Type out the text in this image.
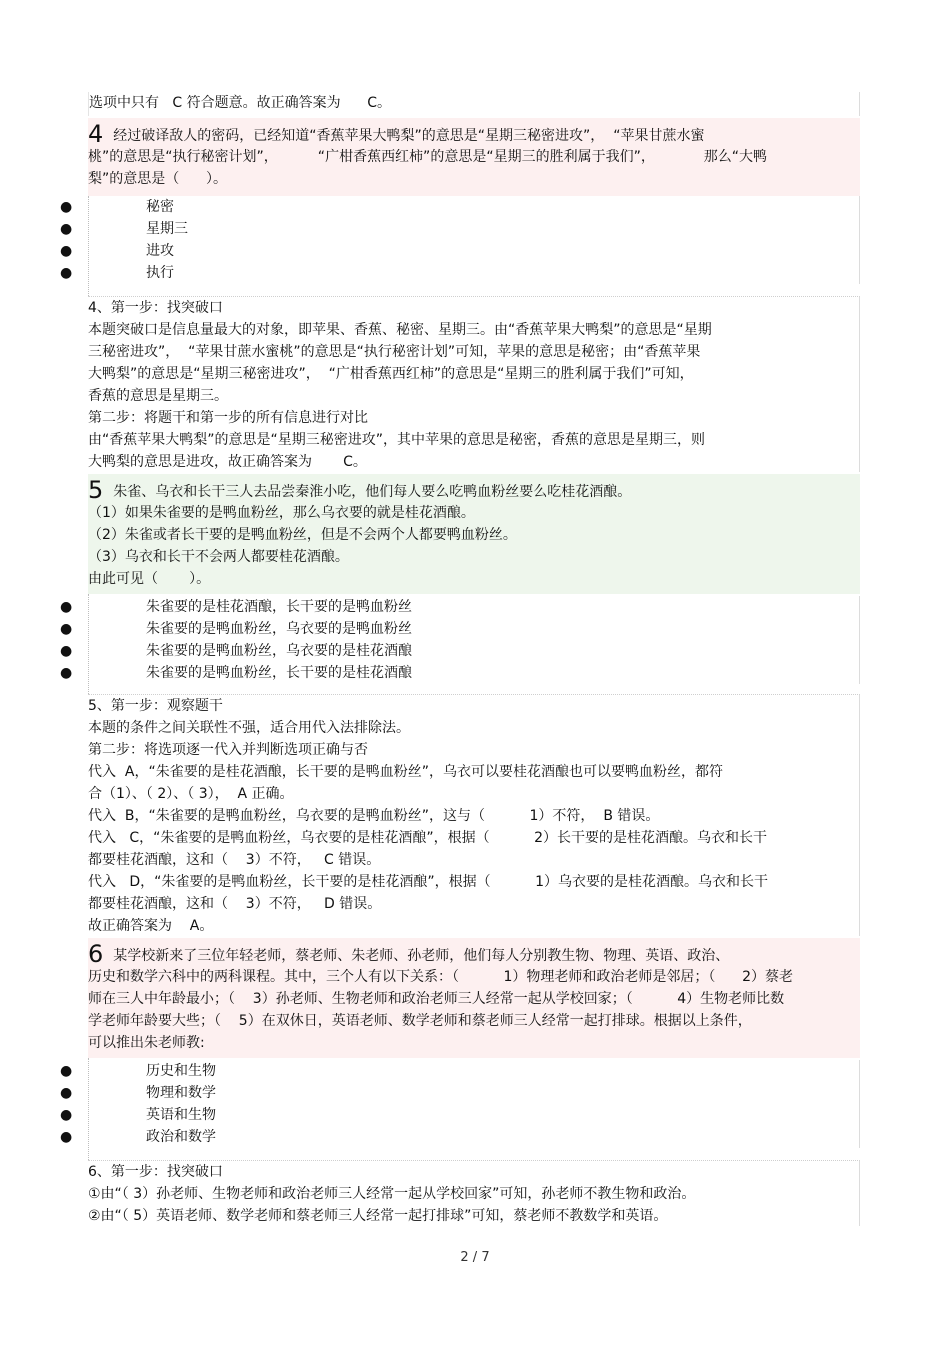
选项中只有   C 符合题意。故正确答案为      C。
4 经过破译敌人的密码，已经知道“香蕉苹果大鸭梨”的意思是“星期三秘密进攻”，  “苹果甘蔗水蜜
桃”的意思是“执行秘密计划”，         “广柑香蕉西红柿”的意思是“星期三的胜利属于我们”，           那么“大鸭
梨”的意思是（      ）。
●	秘密
●	星期三
●	进攻
●	执行
4、第一步：找突破口
本题突破口是信息量最大的对象，即苹果、香蕉、秘密、星期三。由“香蕉苹果大鸭梨”的意思是“星期
三秘密进攻”，  “苹果甘蔗水蜜桃”的意思是“执行秘密计划”可知，苹果的意思是秘密；由“香蕉苹果
大鸭梨”的意思是“星期三秘密进攻”，  “广柑香蕉西红柿”的意思是“星期三的胜利属于我们”可知，
香蕉的意思是星期三。
第二步：将题干和第一步的所有信息进行对比
由“香蕉苹果大鸭梨”的意思是“星期三秘密进攻”，其中苹果的意思是秘密，香蕉的意思是星期三，则
大鸭梨的意思是进攻，故正确答案为       C。
5 朱雀、乌衣和长干三人去品尝秦淮小吃，他们每人要么吃鸭血粉丝要么吃桂花酒酿。
（1）如果朱雀要的是鸭血粉丝，那么乌衣要的就是桂花酒酿。
（2）朱雀或者长干要的是鸭血粉丝，但是不会两个人都要鸭血粉丝。
（3）乌衣和长干不会两人都要桂花酒酿。
由此可见（       ）。
●	朱雀要的是桂花酒酿，长干要的是鸭血粉丝
●	朱雀要的是鸭血粉丝，乌衣要的是鸭血粉丝
●	朱雀要的是鸭血粉丝，乌衣要的是桂花酒酿
●	朱雀要的是鸭血粉丝，长干要的是桂花酒酿
5、第一步：观察题干
本题的条件之间关联性不强，适合用代入法排除法。
第二步：将选项逐一代入并判断选项正确与否
代入  A，“朱雀要的是桂花酒酿，长干要的是鸭血粉丝”，乌衣可以要桂花酒酿也可以要鸭血粉丝，都符
合（1）、（ 2）、（ 3），  A 正确。
代入  B，“朱雀要的是鸭血粉丝，乌衣要的是鸭血粉丝”，这与（          1）不符，  B 错误。
代入   C，“朱雀要的是鸭血粉丝，乌衣要的是桂花酒酿”，根据（          2）长干要的是桂花酒酿。乌衣和长干
都要桂花酒酿，这和（    3）不符，   C 错误。
代入   D，“朱雀要的是鸭血粉丝，长干要的是桂花酒酿”，根据（          1）乌衣要的是桂花酒酿。乌衣和长干
都要桂花酒酿，这和（    3）不符，   D 错误。
故正确答案为    A。
6 某学校新来了三位年轻老师，蔡老师、朱老师、孙老师，他们每人分别教生物、物理、英语、政治、
历史和数学六科中的两科课程。其中，三个人有以下关系：（          1）物理老师和政治老师是邻居；（      2）蔡老
师在三人中年龄最小；（    3）孙老师、生物老师和政治老师三人经常一起从学校回家；（          4）生物老师比数
学老师年龄要大些；（    5）在双休日，英语老师、数学老师和蔡老师三人经常一起打排球。根据以上条件，
可以推出朱老师教:
●	历史和生物
●	物理和数学
●	英语和生物
●	政治和数学
6、第一步：找突破口
①由“（ 3）孙老师、生物老师和政治老师三人经常一起从学校回家”可知，孙老师不教生物和政治。
②由“（ 5）英语老师、数学老师和蔡老师三人经常一起打排球”可知，蔡老师不教数学和英语。
2 / 7
